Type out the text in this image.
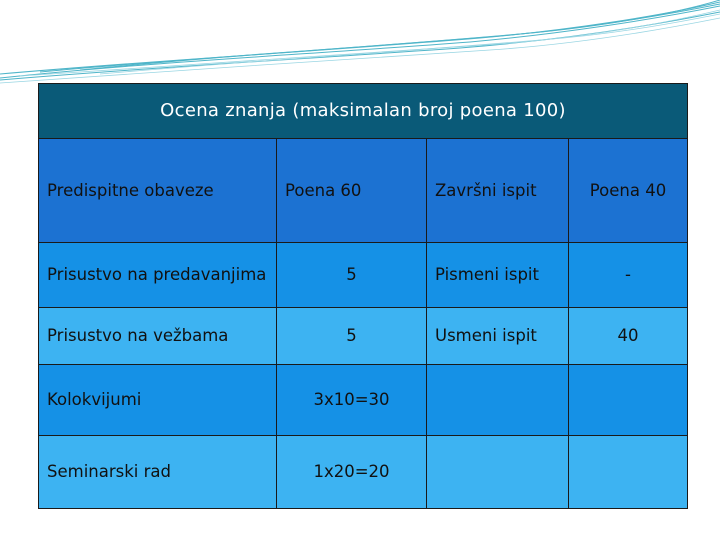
Ocena znanja (maksimalan broj poena 100)
Predispitne obaveze	Poena 60	Završni ispit	Poena 40
Prisustvo na predavanjima	5	Pismeni ispit	-
Prisustvo na vežbama	5	Usmeni ispit	40
Kolokvijumi	3x10=30
Seminarski rad	1x20=20
